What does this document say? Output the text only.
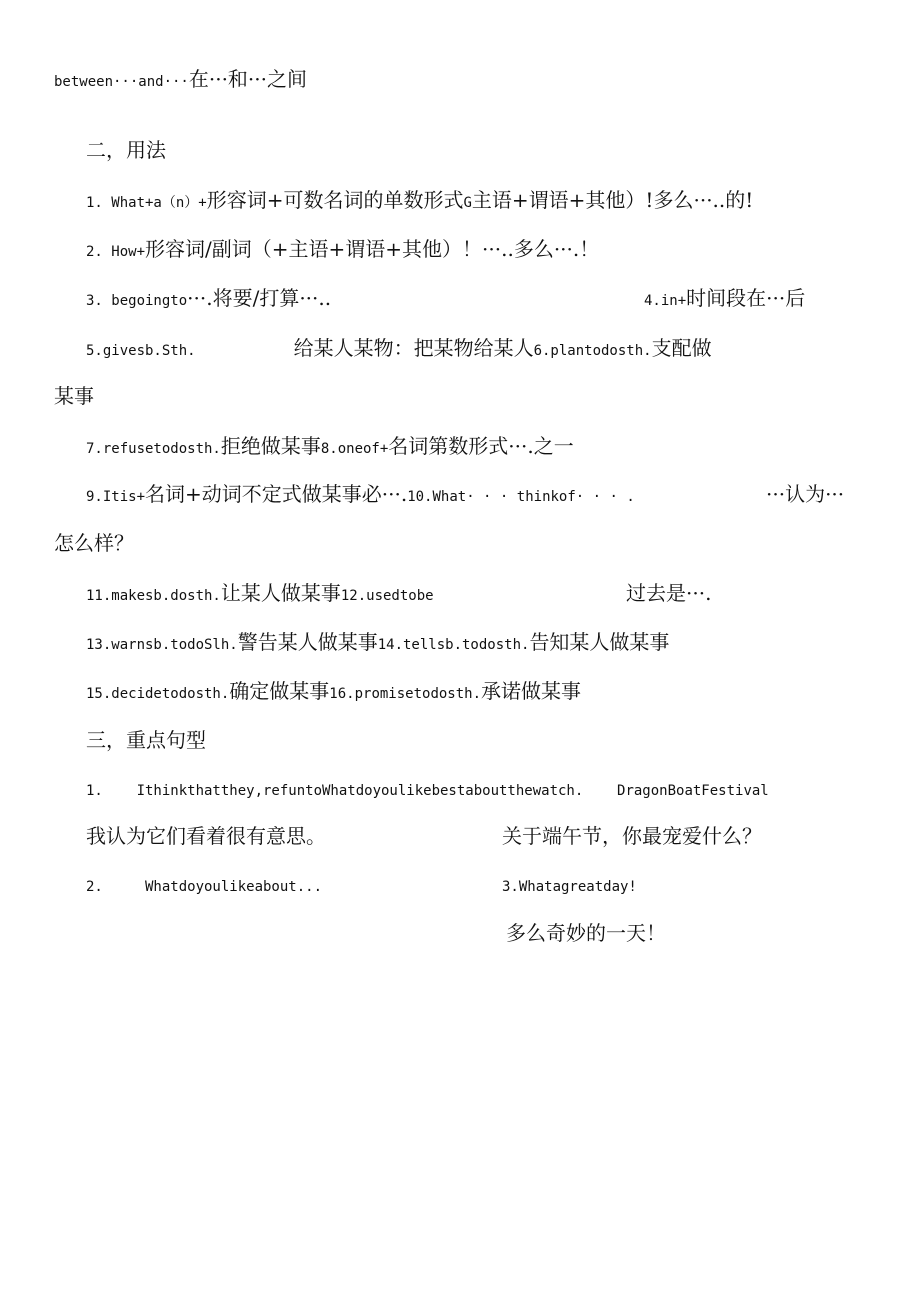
between···and···在···和···之间
二，用法
1. What+a（n）+形容词+可数名词的单数形式G主语+谓语+其他）!多么···..的!
2. How+形容词/副词（+主语+谓语+其他）！···..多么···.！
3. begoingto···.将要/打算···..	4.in+时间段在···后
5.givesb.Sth.	给某人某物：把某物给某人6.plantodosth.支配做
某事
7.refusetodosth.拒绝做某事8.oneof+名词第数形式···.之一
9.Itis+名词+动词不定式做某事必···.10.What· · · thinkof· · · .	···认为···
怎么样？
11.makesb.dosth.让某人做某事12.usedtobe	过去是···.
13.warnsb.todoSlh.警告某人做某事14.tellsb.todosth.告知某人做某事
15.decidetodosth.确定做某事16.promisetodosth.承诺做某事
三，重点句型
1.    Ithinkthatthey,refuntoWhatdoyoulikebestaboutthewatch.    DragonBoatFestival
我认为它们看着很有意思。	关于端午节，你最宠爱什么？
2.     Whatdoyoulikeabout...	3.Whatagreatday!
多么奇妙的一天！
